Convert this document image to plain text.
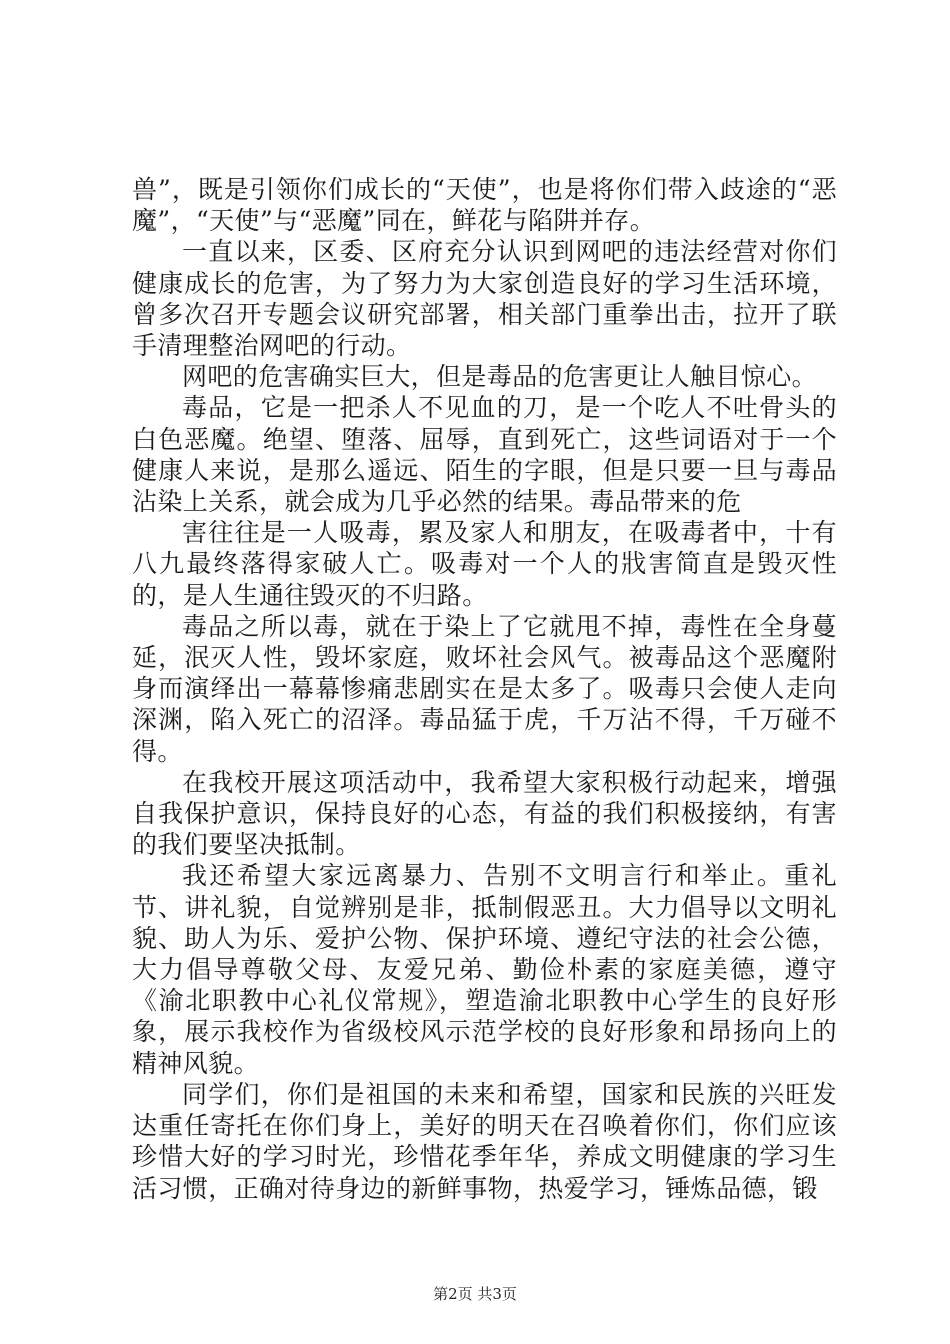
兽”，既是引领你们成长的“天使”，也是将你们带入歧途的“恶魔”，“天使”与“恶魔”同在，鲜花与陷阱并存。

一直以来，区委、区府充分认识到网吧的违法经营对你们健康成长的危害，为了努力为大家创造良好的学习生活环境，曾多次召开专题会议研究部署，相关部门重拳出击，拉开了联手清理整治网吧的行动。

网吧的危害确实巨大，但是毒品的危害更让人触目惊心。

毒品，它是一把杀人不见血的刀，是一个吃人不吐骨头的白色恶魔。绝望、堕落、屈辱，直到死亡，这些词语对于一个健康人来说，是那么遥远、陌生的字眼，但是只要一旦与毒品沾染上关系，就会成为几乎必然的结果。毒品带来的危

害往往是一人吸毒，累及家人和朋友，在吸毒者中，十有八九最终落得家破人亡。吸毒对一个人的戕害简直是毁灭性的，是人生通往毁灭的不归路。

毒品之所以毒，就在于染上了它就甩不掉，毒性在全身蔓延，泯灭人性，毁坏家庭，败坏社会风气。被毒品这个恶魔附身而演绎出一幕幕惨痛悲剧实在是太多了。吸毒只会使人走向深渊，陷入死亡的沼泽。毒品猛于虎，千万沾不得，千万碰不得。

在我校开展这项活动中，我希望大家积极行动起来，增强自我保护意识，保持良好的心态，有益的我们积极接纳，有害的我们要坚决抵制。

我还希望大家远离暴力、告别不文明言行和举止。重礼节、讲礼貌，自觉辨别是非，抵制假恶丑。大力倡导以文明礼貌、助人为乐、爱护公物、保护环境、遵纪守法的社会公德，大力倡导尊敬父母、友爱兄弟、勤俭朴素的家庭美德，遵守《渝北职教中心礼仪常规》，塑造渝北职教中心学生的良好形象，展示我校作为省级校风示范学校的良好形象和昂扬向上的精神风貌。

同学们，你们是祖国的未来和希望，国家和民族的兴旺发达重任寄托在你们身上，美好的明天在召唤着你们，你们应该珍惜大好的学习时光，珍惜花季年华，养成文明健康的学习生活习惯，正确对待身边的新鲜事物，热爱学习，锤炼品德，锻

第2页 共3页
